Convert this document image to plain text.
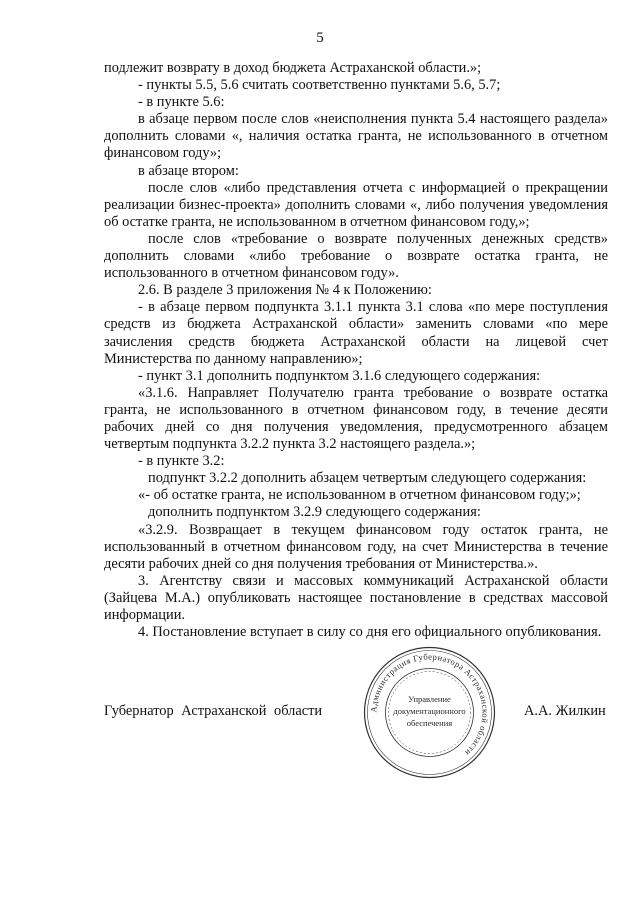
5

подлежит возврату в доход бюджета Астраханской области.»;

- пункты 5.5, 5.6 считать соответственно пунктами 5.6, 5.7;

- в пункте 5.6:

в абзаце первом после слов «неисполнения пункта 5.4 настоящего раздела» дополнить словами «, наличия остатка гранта, не использованного в отчетном финансовом году»;

в абзаце втором:

после слов «либо представления отчета с информацией о прекращении реализации бизнес-проекта» дополнить словами «, либо получения уведомления об остатке гранта, не использованном в отчетном финансовом году,»;

после слов «требование о возврате полученных денежных средств» дополнить словами «либо требование о возврате остатка гранта, не использованного в отчетном финансовом году».

2.6. В разделе 3 приложения № 4 к Положению:

- в абзаце первом подпункта 3.1.1 пункта 3.1 слова «по мере поступления средств из бюджета Астраханской области» заменить словами «по мере зачисления средств бюджета Астраханской области на лицевой счет Министерства по данному направлению»;

- пункт 3.1 дополнить подпунктом 3.1.6 следующего содержания:

«3.1.6. Направляет Получателю гранта требование о возврате остатка гранта, не использованного в отчетном финансовом году, в течение десяти рабочих дней со дня получения уведомления, предусмотренного абзацем четвертым подпункта 3.2.2 пункта 3.2 настоящего раздела.»;

- в пункте 3.2:

подпункт 3.2.2 дополнить абзацем четвертым следующего содержания:

«- об остатке гранта, не использованном в отчетном финансовом году;»;

дополнить подпунктом 3.2.9 следующего содержания:

«3.2.9. Возвращает в текущем финансовом году остаток гранта, не использованный в отчетном финансовом году, на счет Министерства в течение десяти рабочих дней со дня получения требования от Министерства.».

3. Агентству связи и массовых коммуникаций Астраханской области (Зайцева М.А.) опубликовать настоящее постановление в средствах массовой информации.

4. Постановление вступает в силу со дня его официального опубликования.

Губернатор Астраханской области	А.А. Жилкин
Администрация Губернатора Астраханской области
Управление
документационного
обеспечения
